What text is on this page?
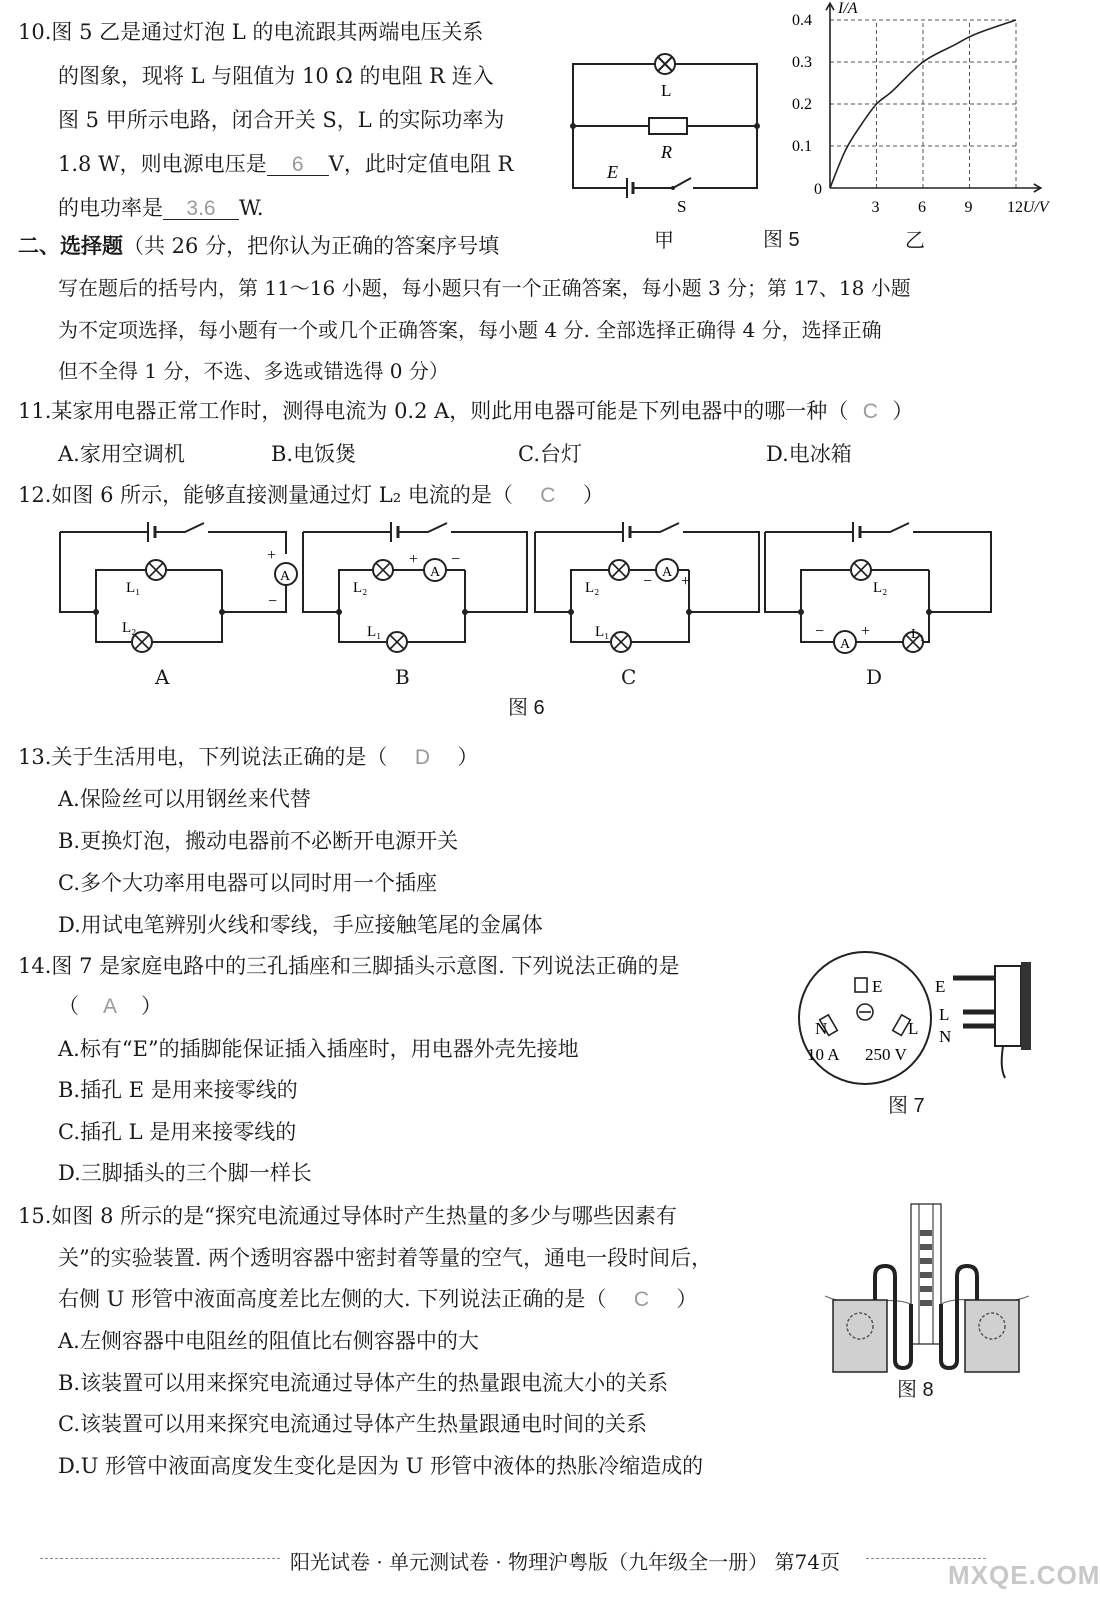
10.图 5 乙是通过灯泡 L 的电流跟其两端电压关系
的图象，现将 L 与阻值为 10 Ω 的电阻 R 连入
图 5 甲所示电路，闭合开关 S，L 的实际功率为
1.8 W，则电源电压是 6 V，此时定值电阻 R
的电功率是 3.6 W.
L
R
E
S
甲	图 5	乙
0
3 6 9 12
0.1
0.2
0.3
0.4
I/A
U/V
二、选择题（共 26 分，把你认为正确的答案序号填
写在题后的括号内，第 11～16 小题，每小题只有一个正确答案，每小题 3 分；第 17、18 小题
为不定项选择，每小题有一个或几个正确答案，每小题 4 分. 全部选择正确得 4 分，选择正确
但不全得 1 分，不选、多选或错选得 0 分）
11.某家用电器正常工作时，测得电流为 0.2 A，则此用电器可能是下列电器中的哪一种（ C ）
A.家用空调机	B.电饭煲	C.台灯	D.电冰箱
12.如图 6 所示，能够直接测量通过灯 L₂ 电流的是（ C ）
A
+
−
L₁
L₂
A
A
+ −
L₂
L₁
B
A
− +
L₂
L₁
C
A
− +
L₂
L₁
D
图 6
13.关于生活用电，下列说法正确的是（ D ）
A.保险丝可以用钢丝来代替
B.更换灯泡，搬动电器前不必断开电源开关
C.多个大功率用电器可以同时用一个插座
D.用试电笔辨别火线和零线，手应接触笔尾的金属体
14.图 7 是家庭电路中的三孔插座和三脚插头示意图. 下列说法正确的是
（ A ）
A.标有“E”的插脚能保证插入插座时，用电器外壳先接地
B.插孔 E 是用来接零线的
C.插孔 L 是用来接零线的
D.三脚插头的三个脚一样长
E
N	L
10 A 250 V
E
L
N
图 7
15.如图 8 所示的是“探究电流通过导体时产生热量的多少与哪些因素有
关”的实验装置. 两个透明容器中密封着等量的空气，通电一段时间后，
右侧 U 形管中液面高度差比左侧的大. 下列说法正确的是（ C ）
A.左侧容器中电阻丝的阻值比右侧容器中的大
B.该装置可以用来探究电流通过导体产生的热量跟电流大小的关系
C.该装置可以用来探究电流通过导体产生热量跟通电时间的关系
D.U 形管中液面高度发生变化是因为 U 形管中液体的热胀冷缩造成的
图 8
阳光试卷 · 单元测试卷 · 物理沪粤版（九年级全一册） 第74页	MXQE.COM
